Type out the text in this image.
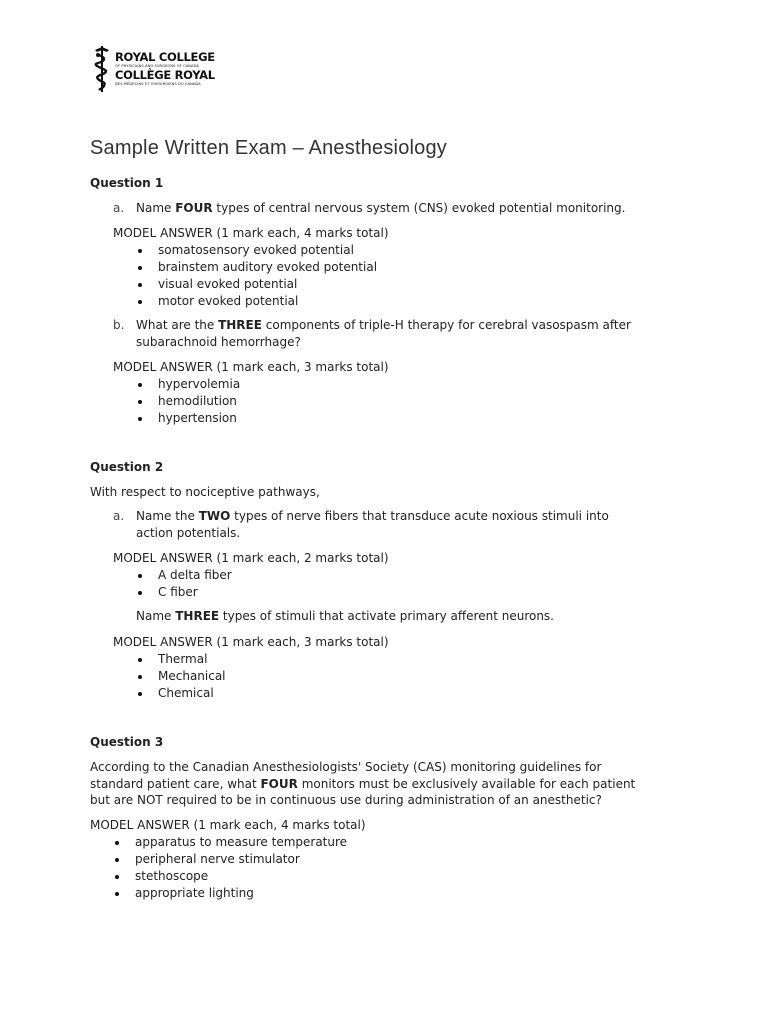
ROYAL COLLEGE
OF PHYSICIANS AND SURGEONS OF CANADA
COLLÈGE ROYAL
DES MÉDECINS ET CHIRURGIENS DU CANADA
Sample Written Exam – Anesthesiology
Question 1
a. Name FOUR types of central nervous system (CNS) evoked potential monitoring.
MODEL ANSWER (1 mark each, 4 marks total)
somatosensory evoked potential
brainstem auditory evoked potential
visual evoked potential
motor evoked potential
b. What are the THREE components of triple-H therapy for cerebral vasospasm after subarachnoid hemorrhage?
MODEL ANSWER (1 mark each, 3 marks total)
hypervolemia
hemodilution
hypertension
Question 2
With respect to nociceptive pathways,
a. Name the TWO types of nerve fibers that transduce acute noxious stimuli into action potentials.
MODEL ANSWER (1 mark each, 2 marks total)
A delta fiber
C fiber
Name THREE types of stimuli that activate primary afferent neurons.
MODEL ANSWER (1 mark each, 3 marks total)
Thermal
Mechanical
Chemical
Question 3
According to the Canadian Anesthesiologists' Society (CAS) monitoring guidelines for standard patient care, what FOUR monitors must be exclusively available for each patient but are NOT required to be in continuous use during administration of an anesthetic?
MODEL ANSWER (1 mark each, 4 marks total)
apparatus to measure temperature
peripheral nerve stimulator
stethoscope
appropriate lighting
